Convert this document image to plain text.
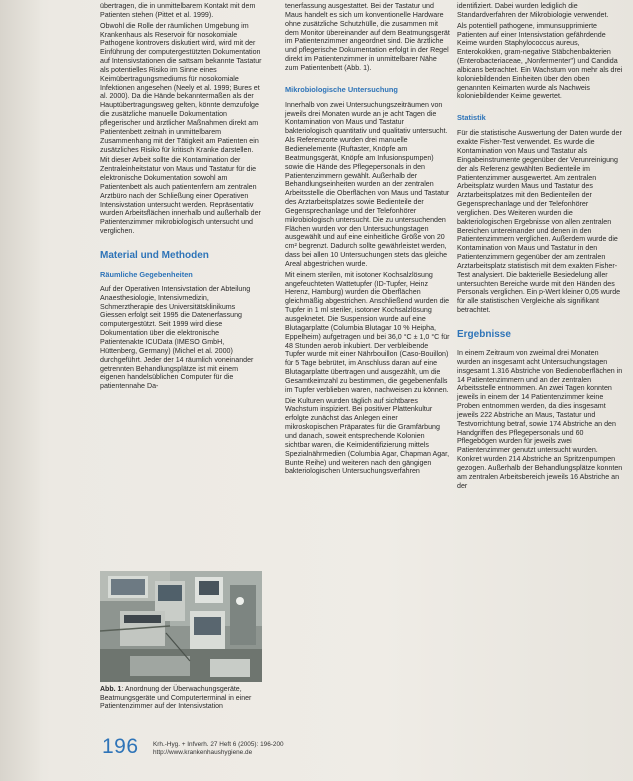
übertragen, die in unmittelbarem Kontakt mit dem Patienten stehen (Pittet et al. 1999).

Obwohl die Rolle der räumlichen Umgebung im Krankenhaus als Reservoir für nosokomiale Pathogene kontrovers diskutiert wird, wird mit der Einführung der computergestützten Dokumentation auf Intensivstationen die sattsam bekannte Tastatur als potentielles Risiko im Sinne eines Keimübertragungsmediums für nosokomiale Infektionen angesehen (Neely et al. 1999; Bures et al. 2000). Da die Hände bekanntermaßen als der Hauptübertragungsweg gelten, könnte demzufolge die zusätzliche manuelle Dokumentation pflegerischer und ärztlicher Maßnahmen direkt am Patientenbett zeitnah in unmittelbarem Zusammenhang mit der Tätigkeit am Patienten ein zusätzliches Risiko für kritisch Kranke darstellen.

Mit dieser Arbeit sollte die Kontamination der Zentraleinheitstatur von Maus und Tastatur für die elektronische Dokumentation sowohl am Patientenbett als auch patientenfern am zentralen Arztbüro nach der Schließung einer Operativen Intensivstation untersucht werden. Repräsentativ wurden Arbeitsflächen innerhalb und außerhalb der Patientenzimmer mikrobiologisch untersucht und verglichen.

Material und Methoden
Räumliche Gegebenheiten

Auf der Operativen Intensivstation der Abteilung Anaesthesiologie, Intensivmedizin, Schmerztherapie des Universitätsklinikums Giessen erfolgt seit 1995 die Datenerfassung computergestützt. Seit 1999 wird diese Dokumentation über die elektronische Patientenakte ICUData (IMESO GmbH, Hüttenberg, Germany) (Michel et al. 2000) durchgeführt. Jeder der 14 räumlich voneinander getrennten Behandlungsplätze ist mit einem eigenen handelsüblichen Computer für die patientennahe Da-

Abb. 1: Anordnung der Überwachungsgeräte, Beatmungsgeräte und Computerterminal in einer Patientenzimmer auf der Intensivstation

tenerfassung ausgestattet. Bei der Tastatur und Maus handelt es sich um konventionelle Hardware ohne zusätzliche Schutzhülle, die zusammen mit dem Monitor übereinander auf dem Beatmungsgerät im Patientenzimmer angeordnet sind. Die ärztliche und pflegerische Dokumentation erfolgt in der Regel direkt im Patientenzimmer in unmittelbarer Nähe zum Patientenbett (Abb. 1).

Mikrobiologische Untersuchung

Innerhalb von zwei Untersuchungszeiträumen von jeweils drei Monaten wurde an je acht Tagen die Kontamination von Maus und Tastatur bakteriologisch quantitativ und qualitativ untersucht. Als Referenzorte wurden drei manuelle Bedienelemente (Ruftaster, Knöpfe am Beatmungsgerät, Knöpfe am Infusionspumpen) sowie die Hände des Pflegepersonals in den Patientenzimmern gewählt. Außerhalb der Behandlungseinheiten wurden an der zentralen Arbeitsstelle die Oberflächen von Maus und Tastatur des Arztarbeitsplatzes sowie Bedienteile der Gegensprechanlage und der Telefonhörer mikrobiologisch untersucht. Die zu untersuchenden Flächen wurden vor den Untersuchungstagen ausgewählt und auf eine einheitliche Größe von 20 cm² begrenzt. Dadurch sollte gewährleistet werden, dass bei allen 10 Untersuchungen stets das gleiche Areal abgestrichen wurde.

Mit einem sterilen, mit isotoner Kochsalzlösung angefeuchteten Wattetupfer (ID-Tupfer, Heinz Herenz, Hamburg) wurden die Oberflächen gleichmäßig abgestrichen. Anschließend wurden die Tupfer in 1 ml steriler, isotoner Kochsalzlösung ausgeknetet. Die Suspension wurde auf eine Blutagarplatte (Columbia Blutagar 10 % Heipha, Eppelheim) aufgetragen und bei 36,0 °C ± 1,0 °C für 48 Stunden aerob inkubiert. Der verbleibende Tupfer wurde mit einer Nährbouillon (Caso-Bouillon) für 5 Tage bebrütet, im Anschluss daran auf eine Blutagarplatte übertragen und ausgezählt, um die Gesamtkeimzahl zu bestimmen, die gegebenenfalls im Tupfer verblieben waren, nachweisen zu können.

Die Kulturen wurden täglich auf sichtbares Wachstum inspiziert. Bei positiver Plattenkultur erfolgte zunächst das Anlegen einer mikroskopischen Präparates für die Gramfärbung und danach, soweit entsprechende Kolonien sichtbar waren, die Keimidentifizierung mittels Spezialnährmedien (Columbia Agar, Chapman Agar, Bunte Reihe) und weiteren nach den gängigen bakteriologischen Untersuchungsverfahren

identifiziert. Dabei wurden lediglich die Standardverfahren der Mikrobiologie verwendet.

Als potentiell pathogene, immunsupprimierte Patienten auf einer Intensivstation gefährdende Keime wurden Staphylococcus aureus, Enterokokken, gram-negative Stäbchenbakterien (Enterobacteriaceae, „Nonfermenter") und Candida albicans betrachtet. Ein Wachstum von mehr als drei koloniebildenden Einheiten über den oben genannten Keimarten wurde als Nachweis koloniebildender Keime gewertet.

Statistik

Für die statistische Auswertung der Daten wurde der exakte Fisher-Test verwendet. Es wurde die Kontamination von Maus und Tastatur als Eingabeinstrumente gegenüber der Verunreinigung der als Referenz gewählten Bedienteile im Patientenzimmer ausgewertet. Am zentralen Arbeitsplatz wurden Maus und Tastatur des Arztarbeitsplatzes mit den Bedienteilen der Gegensprechanlage und der Telefonhörer verglichen. Des Weiteren wurden die bakteriologischen Ergebnisse von allen zentralen Bereichen untereinander und denen in den Patientenzimmern verglichen. Außerdem wurde die Kontamination von Maus und Tastatur in den Patientenzimmern gegenüber der am zentralen Arztarbeitsplatz statistisch mit dem exakten Fisher-Test analysiert. Die bakterielle Besiedelung aller untersuchten Bereiche wurde mit den Händen des Personals verglichen. Ein p-Wert kleiner 0,05 wurde für alle statistischen Vergleiche als signifikant betrachtet.

Ergebnisse

In einem Zeitraum von zweimal drei Monaten wurden an insgesamt acht Untersuchungstagen insgesamt 1.316 Abstriche von Bedienoberflächen in 14 Patientenzimmern und an der zentralen Arbeitsstelle entnommen. An zwei Tagen konnten jeweils in einem der 14 Patientenzimmer keine Proben entnommen werden, da dies insgesamt jeweils 222 Abstriche an Maus, Tastatur und Testvorrichtung betraf, sowie 174 Abstriche an den Handgriffen des Pflegepersonals und 60 Pflegebögen wurden für jeweils zwei Patientenzimmer genutzt untersucht wurden. Konkret wurden 214 Abstriche an Spritzenpumpen gezogen. Außerhalb der Behandlungsplätze konnten am zentralen Arbeitsbereich jeweils 16 Abstriche an der

196 Krh.-Hyg. + Infverh. 27 Heft 6 (2005): 196-200
http://www.krankenhaushygiene.de
